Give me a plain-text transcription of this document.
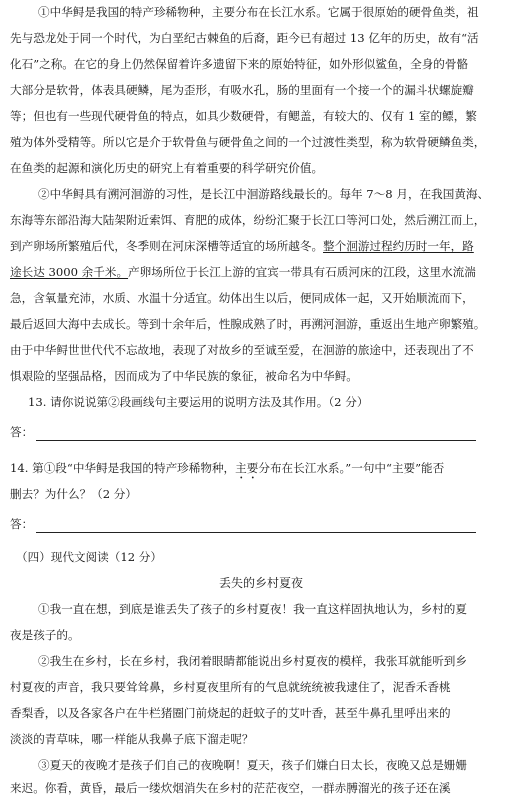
①中华鲟是我国的特产珍稀物种，主要分布在长江水系。它属于很原始的硬骨鱼类，祖
先与恐龙处于同一个时代，为白垩纪古棘鱼的后裔，距今已有超过 13 亿年的历史，故有“活
化石”之称。在它的身上仍然保留着许多遗留下来的原始特征，如外形似鲨鱼，全身的骨骼
大部分是软骨，体表具硬鳞，尾为歪形，有吸水孔，肠的里面有一个接一个的漏斗状螺旋瓣
等；但也有一些现代硬骨鱼的特点，如具少数硬骨，有鳃盖，有较大的、仅有 1 室的鳔，繁
殖为体外受精等。所以它是介于软骨鱼与硬骨鱼之间的一个过渡性类型，称为软骨硬鳞鱼类，
在鱼类的起源和演化历史的研究上有着重要的科学研究价值。
②中华鲟具有溯河洄游的习性，是长江中洄游路线最长的。每年 7～8 月，在我国黄海、
东海等东部沿海大陆架附近索饵、育肥的成体，纷纷汇聚于长江口等河口处，然后溯江而上，
到产卵场所繁殖后代，冬季则在河床深槽等适宜的场所越冬。整个洄游过程约历时一年，路
途长达 3000 余千米。产卵场所位于长江上游的宜宾一带具有石质河床的江段，这里水流湍
急，含氧量充沛，水质、水温十分适宜。幼体出生以后，便同成体一起，又开始顺流而下，
最后返回大海中去成长。等到十余年后，性腺成熟了时，再溯河洄游，重返出生地产卵繁殖。
由于中华鲟世世代代不忘故地，表现了对故乡的至诚至爱，在洄游的旅途中，还表现出了不
惧艰险的坚强品格，因而成为了中华民族的象征，被命名为中华鲟。
13. 请你说说第②段画线句主要运用的说明方法及其作用。（2 分）
答：
14. 第①段“中华鲟是我国的特产珍稀物种，主要分布在长江水系。”一句中“主要”能否
删去？为什么？（2 分）
答：
（四）现代文阅读（12 分）
丢失的乡村夏夜
①我一直在想，到底是谁丢失了孩子的乡村夏夜！我一直这样固执地认为，乡村的夏
夜是孩子的。
②我生在乡村，长在乡村，我闭着眼睛都能说出乡村夏夜的模样，我张耳就能听到乡
村夏夜的声音，我只要耸耸鼻，乡村夏夜里所有的气息就统统被我逮住了，泥香禾香桃
香梨香，以及各家各户在牛栏猪圈门前烧起的赶蚊子的艾叶香，甚至牛鼻孔里呼出来的
淡淡的青草味，哪一样能从我鼻子底下溜走呢？
③夏天的夜晚才是孩子们自己的夜晚啊！夏天，孩子们嫌白日太长，夜晚又总是姗姗
来迟。你看，黄昏，最后一缕炊烟消失在乡村的茫茫夜空，一群赤膊溜光的孩子还在溪
